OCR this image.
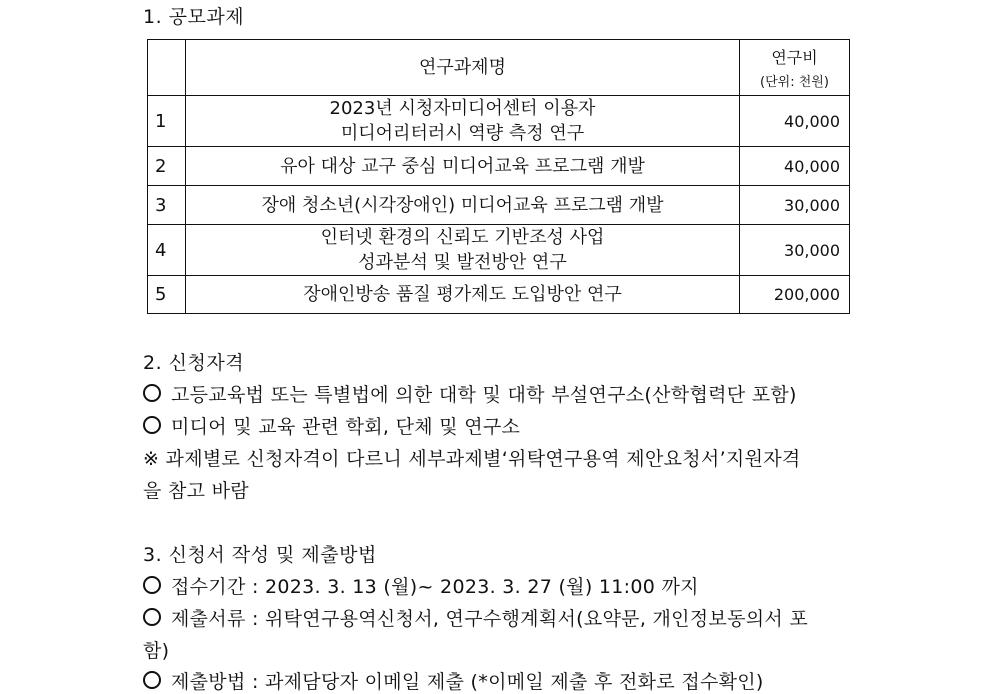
1. 공모과제
	연구과제명	연구비
(단위: 천원)

1	2023년 시청자미디어센터 이용자
미디어리터러시 역량 측정 연구	40,000
2	유아 대상 교구 중심 미디어교육 프로그램 개발	40,000
3	장애 청소년(시각장애인) 미디어교육 프로그램 개발	30,000
4	인터넷 환경의 신뢰도 기반조성 사업
성과분석 및 발전방안 연구	30,000
5	장애인방송 품질 평가제도 도입방안 연구	200,000
2. 신청자격
고등교육법 또는 특별법에 의한 대학 및 대학 부설연구소(산학협력단 포함)
미디어 및 교육 관련 학회, 단체 및 연구소
※ 과제별로 신청자격이 다르니 세부과제별‘위탁연구용역 제안요청서’지원자격
을 참고 바람
3. 신청서 작성 및 제출방법
접수기간 : 2023. 3. 13 (월)~ 2023. 3. 27 (월) 11:00 까지
제출서류 : 위탁연구용역신청서, 연구수행계획서(요약문, 개인정보동의서 포
함)
제출방법 : 과제담당자 이메일 제출 (*이메일 제출 후 전화로 접수확인)
